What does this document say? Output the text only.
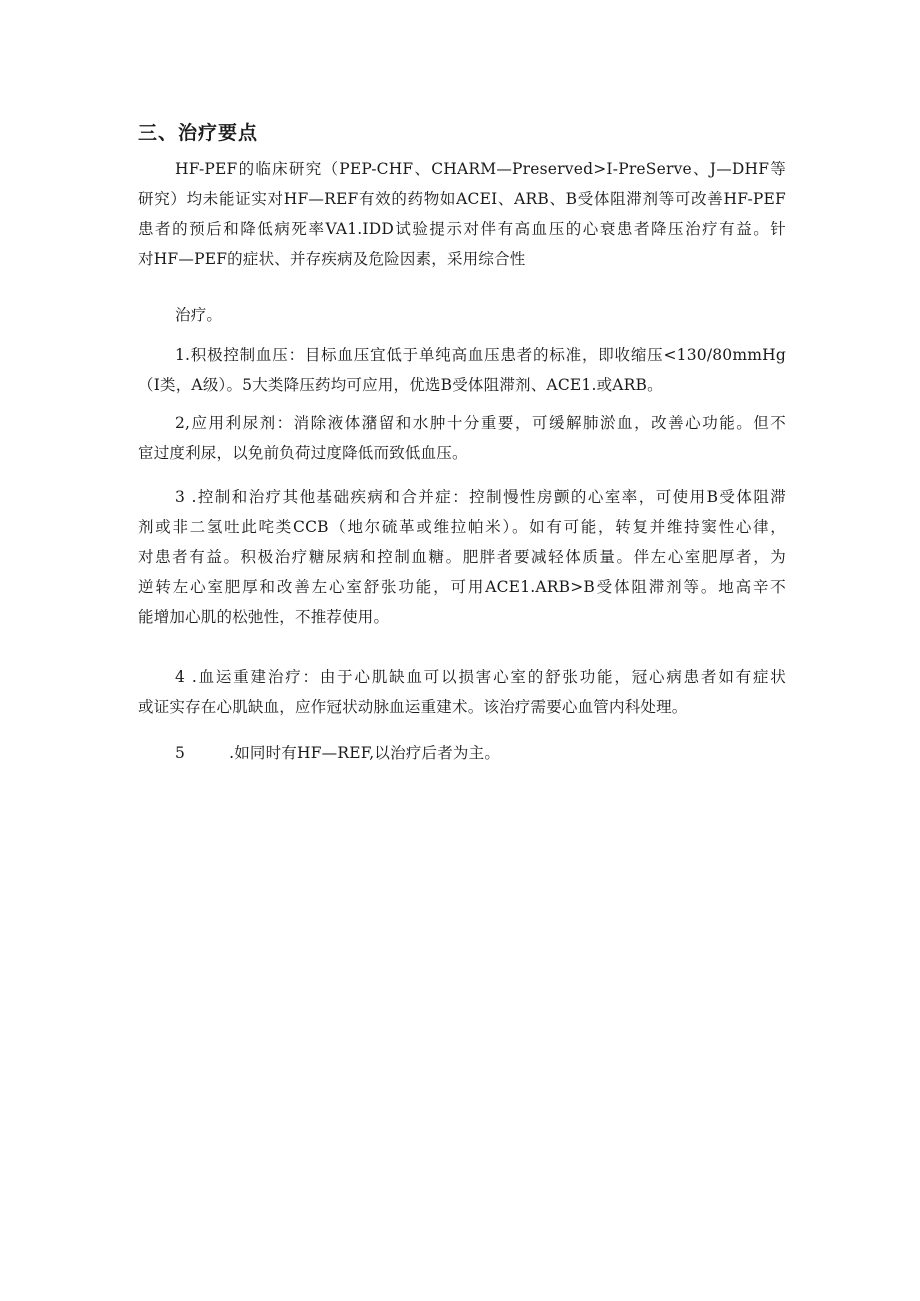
三、治疗要点
HF-PEF的临床研究（PEP-CHF、CHARM—Preserved>I-PreServe、J—DHF等
研究）均未能证实对HF—REF有效的药物如ACEI、ARB、B受体阻滞剂等可改善HF-PEF
患者的预后和降低病死率VA1.IDD试验提示对伴有高血压的心衰患者降压治疗有益。针
对HF—PEF的症状、并存疾病及危险因素，采用综合性
治疗。
1.积极控制血压：目标血压宜低于单纯高血压患者的标准，即收缩压<130/80mmHg
（I类，A级）。5大类降压药均可应用，优选B受体阻滞剂、ACE1.或ARB。
2,应用利尿剂：消除液体潴留和水肿十分重要，可缓解肺淤血，改善心功能。但不
宦过度利尿，以免前负荷过度降低而致低血压。
3 .控制和治疗其他基础疾病和合并症：控制慢性房颤的心室率，可使用B受体阻滞
剂或非二氢吐此咤类CCB（地尔硫革或维拉帕米）。如有可能，转复并维持窦性心律，
对患者有益。积极治疗糖尿病和控制血糖。肥胖者要减轻体质量。伴左心室肥厚者，为
逆转左心室肥厚和改善左心室舒张功能，可用ACE1.ARB>B受体阻滞剂等。地高辛不
能增加心肌的松弛性，不推荐使用。
4 .血运重建治疗：由于心肌缺血可以损害心室的舒张功能，冠心病患者如有症状
或证实存在心肌缺血，应作冠状动脉血运重建术。该治疗需要心血管内科处理。
5	.如同时有HF—REF,以治疗后者为主。
